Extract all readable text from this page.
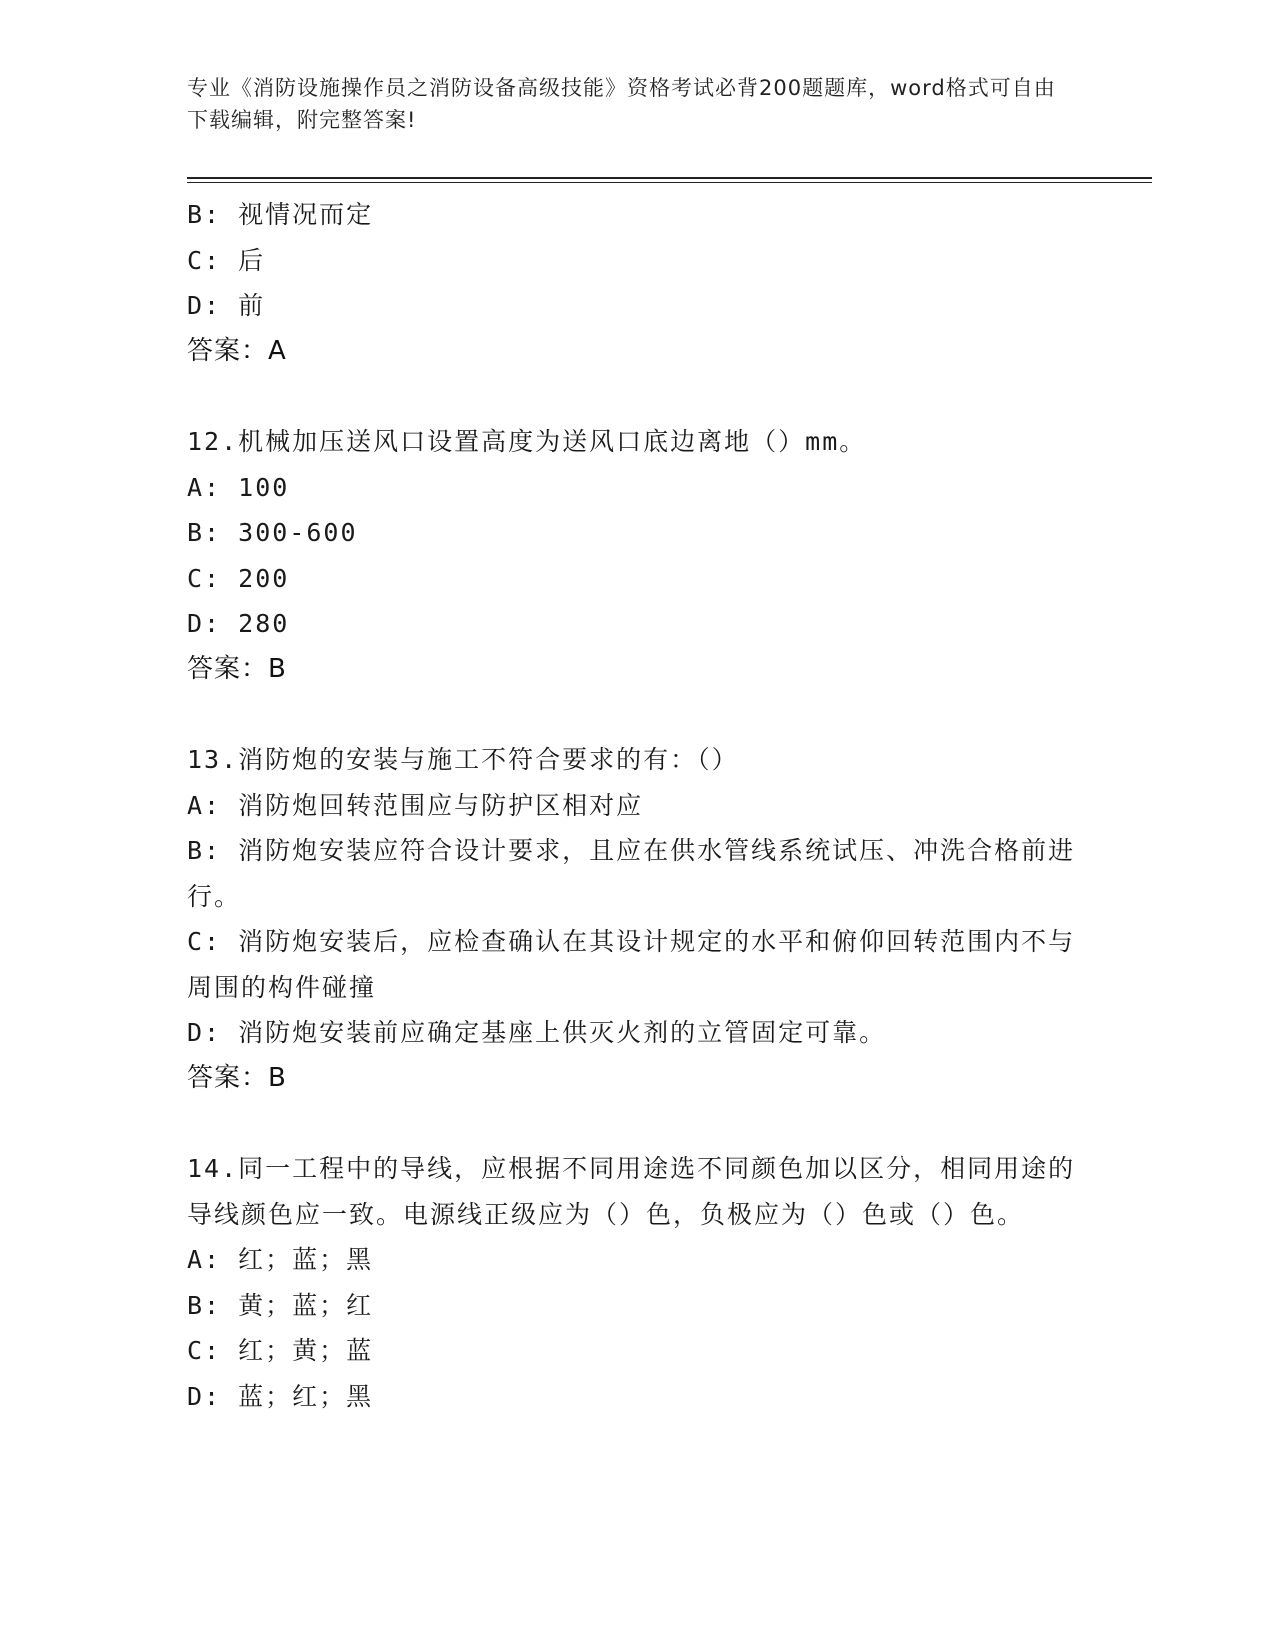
专业《消防设施操作员之消防设备高级技能》资格考试必背200题题库，word格式可自由下载编辑，附完整答案!

B: 视情况而定

C: 后

D: 前

答案：A

12.机械加压送风口设置高度为送风口底边离地（）mm。

A: 100

B: 300-600

C: 200

D: 280

答案：B

13.消防炮的安装与施工不符合要求的有：（）

A: 消防炮回转范围应与防护区相对应

B: 消防炮安装应符合设计要求，且应在供水管线系统试压、冲洗合格前进行。

C: 消防炮安装后，应检查确认在其设计规定的水平和俯仰回转范围内不与周围的构件碰撞

D: 消防炮安装前应确定基座上供灭火剂的立管固定可靠。

答案：B

14.同一工程中的导线，应根据不同用途选不同颜色加以区分，相同用途的导线颜色应一致。电源线正级应为（）色，负极应为（）色或（）色。

A: 红；蓝；黑

B: 黄；蓝；红

C: 红；黄；蓝

D: 蓝；红；黑
